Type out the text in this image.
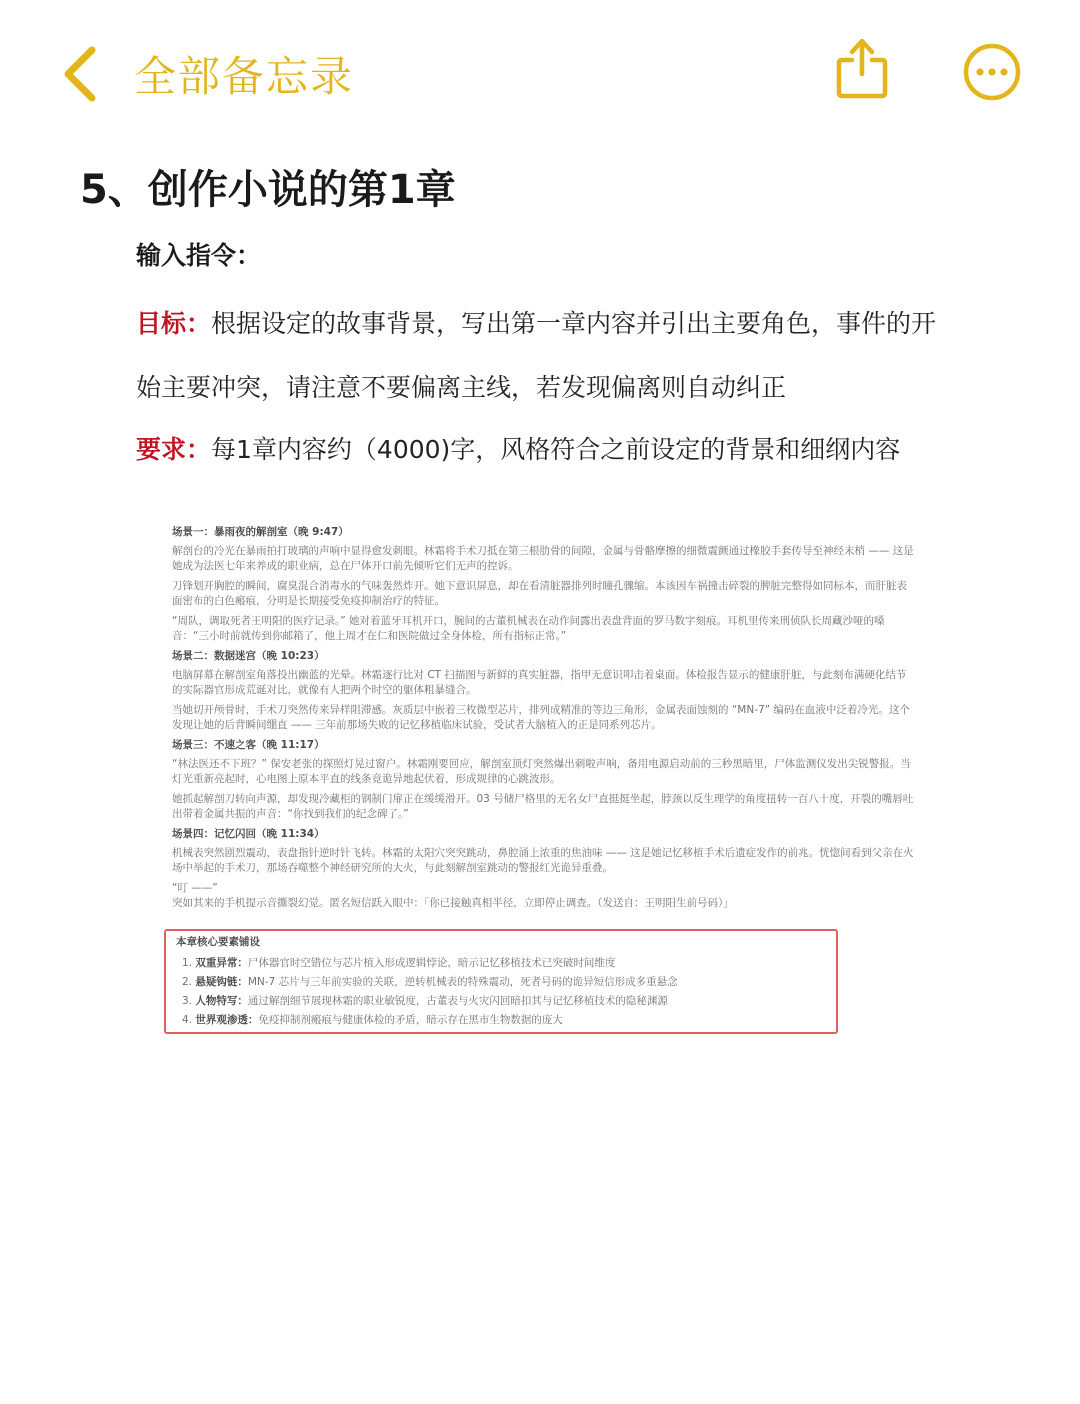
全部备忘录
5、创作小说的第1章
输入指令：
目标：根据设定的故事背景，写出第一章内容并引出主要角色，事件的开
始主要冲突，请注意不要偏离主线，若发现偏离则自动纠正
要求：每1章内容约（4000)字，风格符合之前设定的背景和细纲内容
场景一：暴雨夜的解剖室（晚 9:47）

解剖台的冷光在暴雨拍打玻璃的声响中显得愈发刺眼。林霜将手术刀抵在第三根肋骨的间隙，金属与骨骼摩擦的细微震颤通过橡胶手套传导至神经末梢 —— 这是她成为法医七年来养成的职业病，总在尸体开口前先倾听它们无声的控诉。

刀锋划开胸腔的瞬间，腐臭混合消毒水的气味轰然炸开。她下意识屏息，却在看清脏器排列时瞳孔骤缩。本该因车祸撞击碎裂的脾脏完整得如同标本，而肝脏表面密布的白色瘢痕，分明是长期接受免疫抑制治疗的特征。

“周队，调取死者王明阳的医疗记录。” 她对着蓝牙耳机开口，腕间的古董机械表在动作间露出表盘背面的罗马数字刻痕。耳机里传来刑侦队长周藏沙哑的嗓音：“三小时前就传到你邮箱了，他上周才在仁和医院做过全身体检，所有指标正常。”

场景二：数据迷宫（晚 10:23）

电脑屏幕在解剖室角落投出幽蓝的光晕。林霜逐行比对 CT 扫描图与新鲜的真实脏器，指甲无意识叩击着桌面。体检报告显示的健康肝脏，与此刻布满硬化结节的实际器官形成荒诞对比，就像有人把两个时空的躯体粗暴缝合。

当她切开颅骨时，手术刀突然传来异样阻滞感。灰质层中嵌着三枚微型芯片，排列成精准的等边三角形，金属表面蚀刻的 “MN-7” 编码在血液中泛着冷光。这个发现让她的后背瞬间绷直 —— 三年前那场失败的记忆移植临床试验，受试者大脑植入的正是同系列芯片。

场景三：不速之客（晚 11:17）

“林法医还不下班？” 保安老张的探照灯晃过窗户。林霜刚要回应，解剖室顶灯突然爆出刺啦声响，备用电源启动前的三秒黑暗里，尸体监测仪发出尖锐警报。当灯光重新亮起时，心电图上原本平直的线条竟诡异地起伏着，形成规律的心跳波形。

她抓起解剖刀转向声源，却发现冷藏柜的钢制门扉正在缓缓滑开。03 号储尸格里的无名女尸直挺挺坐起，脖颈以反生理学的角度扭转一百八十度，开裂的嘴唇吐出带着金属共振的声音：“你找到我们的纪念碑了。”

场景四：记忆闪回（晚 11:34）

机械表突然剧烈震动，表盘指针逆时针飞转。林霜的太阳穴突突跳动，鼻腔涌上浓重的焦油味 —— 这是她记忆移植手术后遗症发作的前兆。恍惚间看到父亲在火场中举起的手术刀，那场吞噬整个神经研究所的大火，与此刻解剖室跳动的警报红光诡异重叠。

“叮 ——”

突如其来的手机提示音撕裂幻觉。匿名短信跃入眼中：「你已接触真相半径，立即停止调查。（发送自：王明阳生前号码）」

本章核心要素铺设
1. 双重异常：尸体器官时空错位与芯片植入形成逻辑悖论，暗示记忆移植技术已突破时间维度
2. 悬疑钩链：MN-7 芯片与三年前实验的关联，逆转机械表的特殊震动，死者号码的诡异短信形成多重悬念
3. 人物特写：通过解剖细节展现林霜的职业敏锐度，古董表与火灾闪回暗扣其与记忆移植技术的隐秘渊源
4. 世界观渗透：免疫抑制剂瘢痕与健康体检的矛盾，暗示存在黑市生物数据的庞大
